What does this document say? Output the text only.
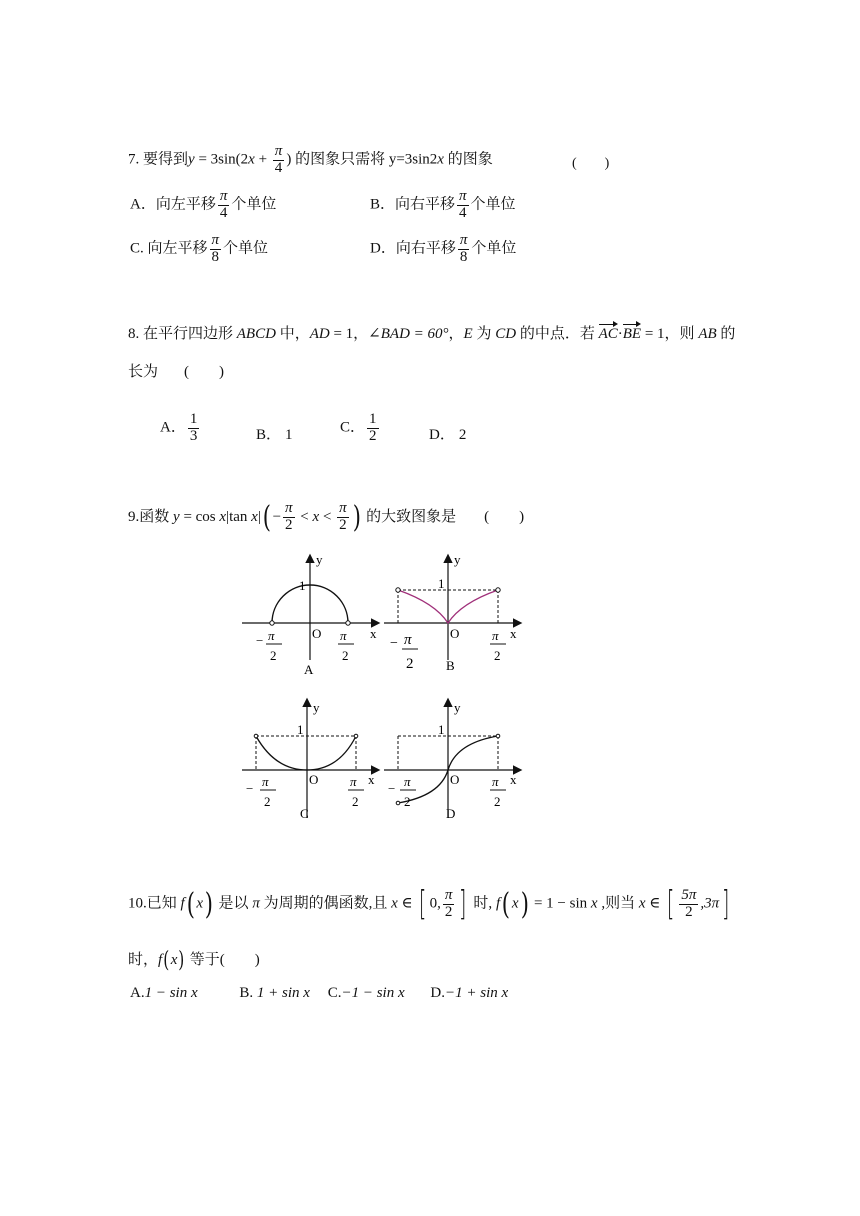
7. 要得到$y = 3\sin(2x + \frac{\pi}{4}$ ) 的图象只需将 y=3sin2x 的图象	(　　)
A．向左平移 $\frac{\pi}{4}$ 个单位	B．向右平移 $\frac{\pi}{4}$ 个单位
C. 向左平移 $\frac{\pi}{8}$ 个单位	D．向右平移 $\frac{\pi}{8}$ 个单位
8. 在平行四边形 ABCD 中，AD = 1，∠BAD = 60°，E 为 CD 的中点．若 AC·BE = 1，则 AB 的
长为 (　　)
A． $\frac{1}{3}$	B． 1	C． $\frac{1}{2}$	D． 2
9.函数 y = cos x|tan $x|( - \frac{\pi}{2} < x < \frac{\pi}{2}$ ) 的大致图象是 (　　)
y
x
O
1
− π
2
π
2
A
y
x
O
1
− π
2
π
2
B
y
x
O
1
− π
2
π
2
C
y
x
O
1
− π
2
π
2
D
10.已知 f( x) 是以 π 为周期的偶函数,且 x ∈ [ 0, $\frac{\pi}{2}$ ] 时, f( x) = 1 − sin x ,则当 x ∈ [ $\frac{5\pi}{2} ,3\pi$]
时，f(x) 等于(　　)
A.1 − sin x	B. 1 + sin x C.−1 − sin x D.−1 + sin x
